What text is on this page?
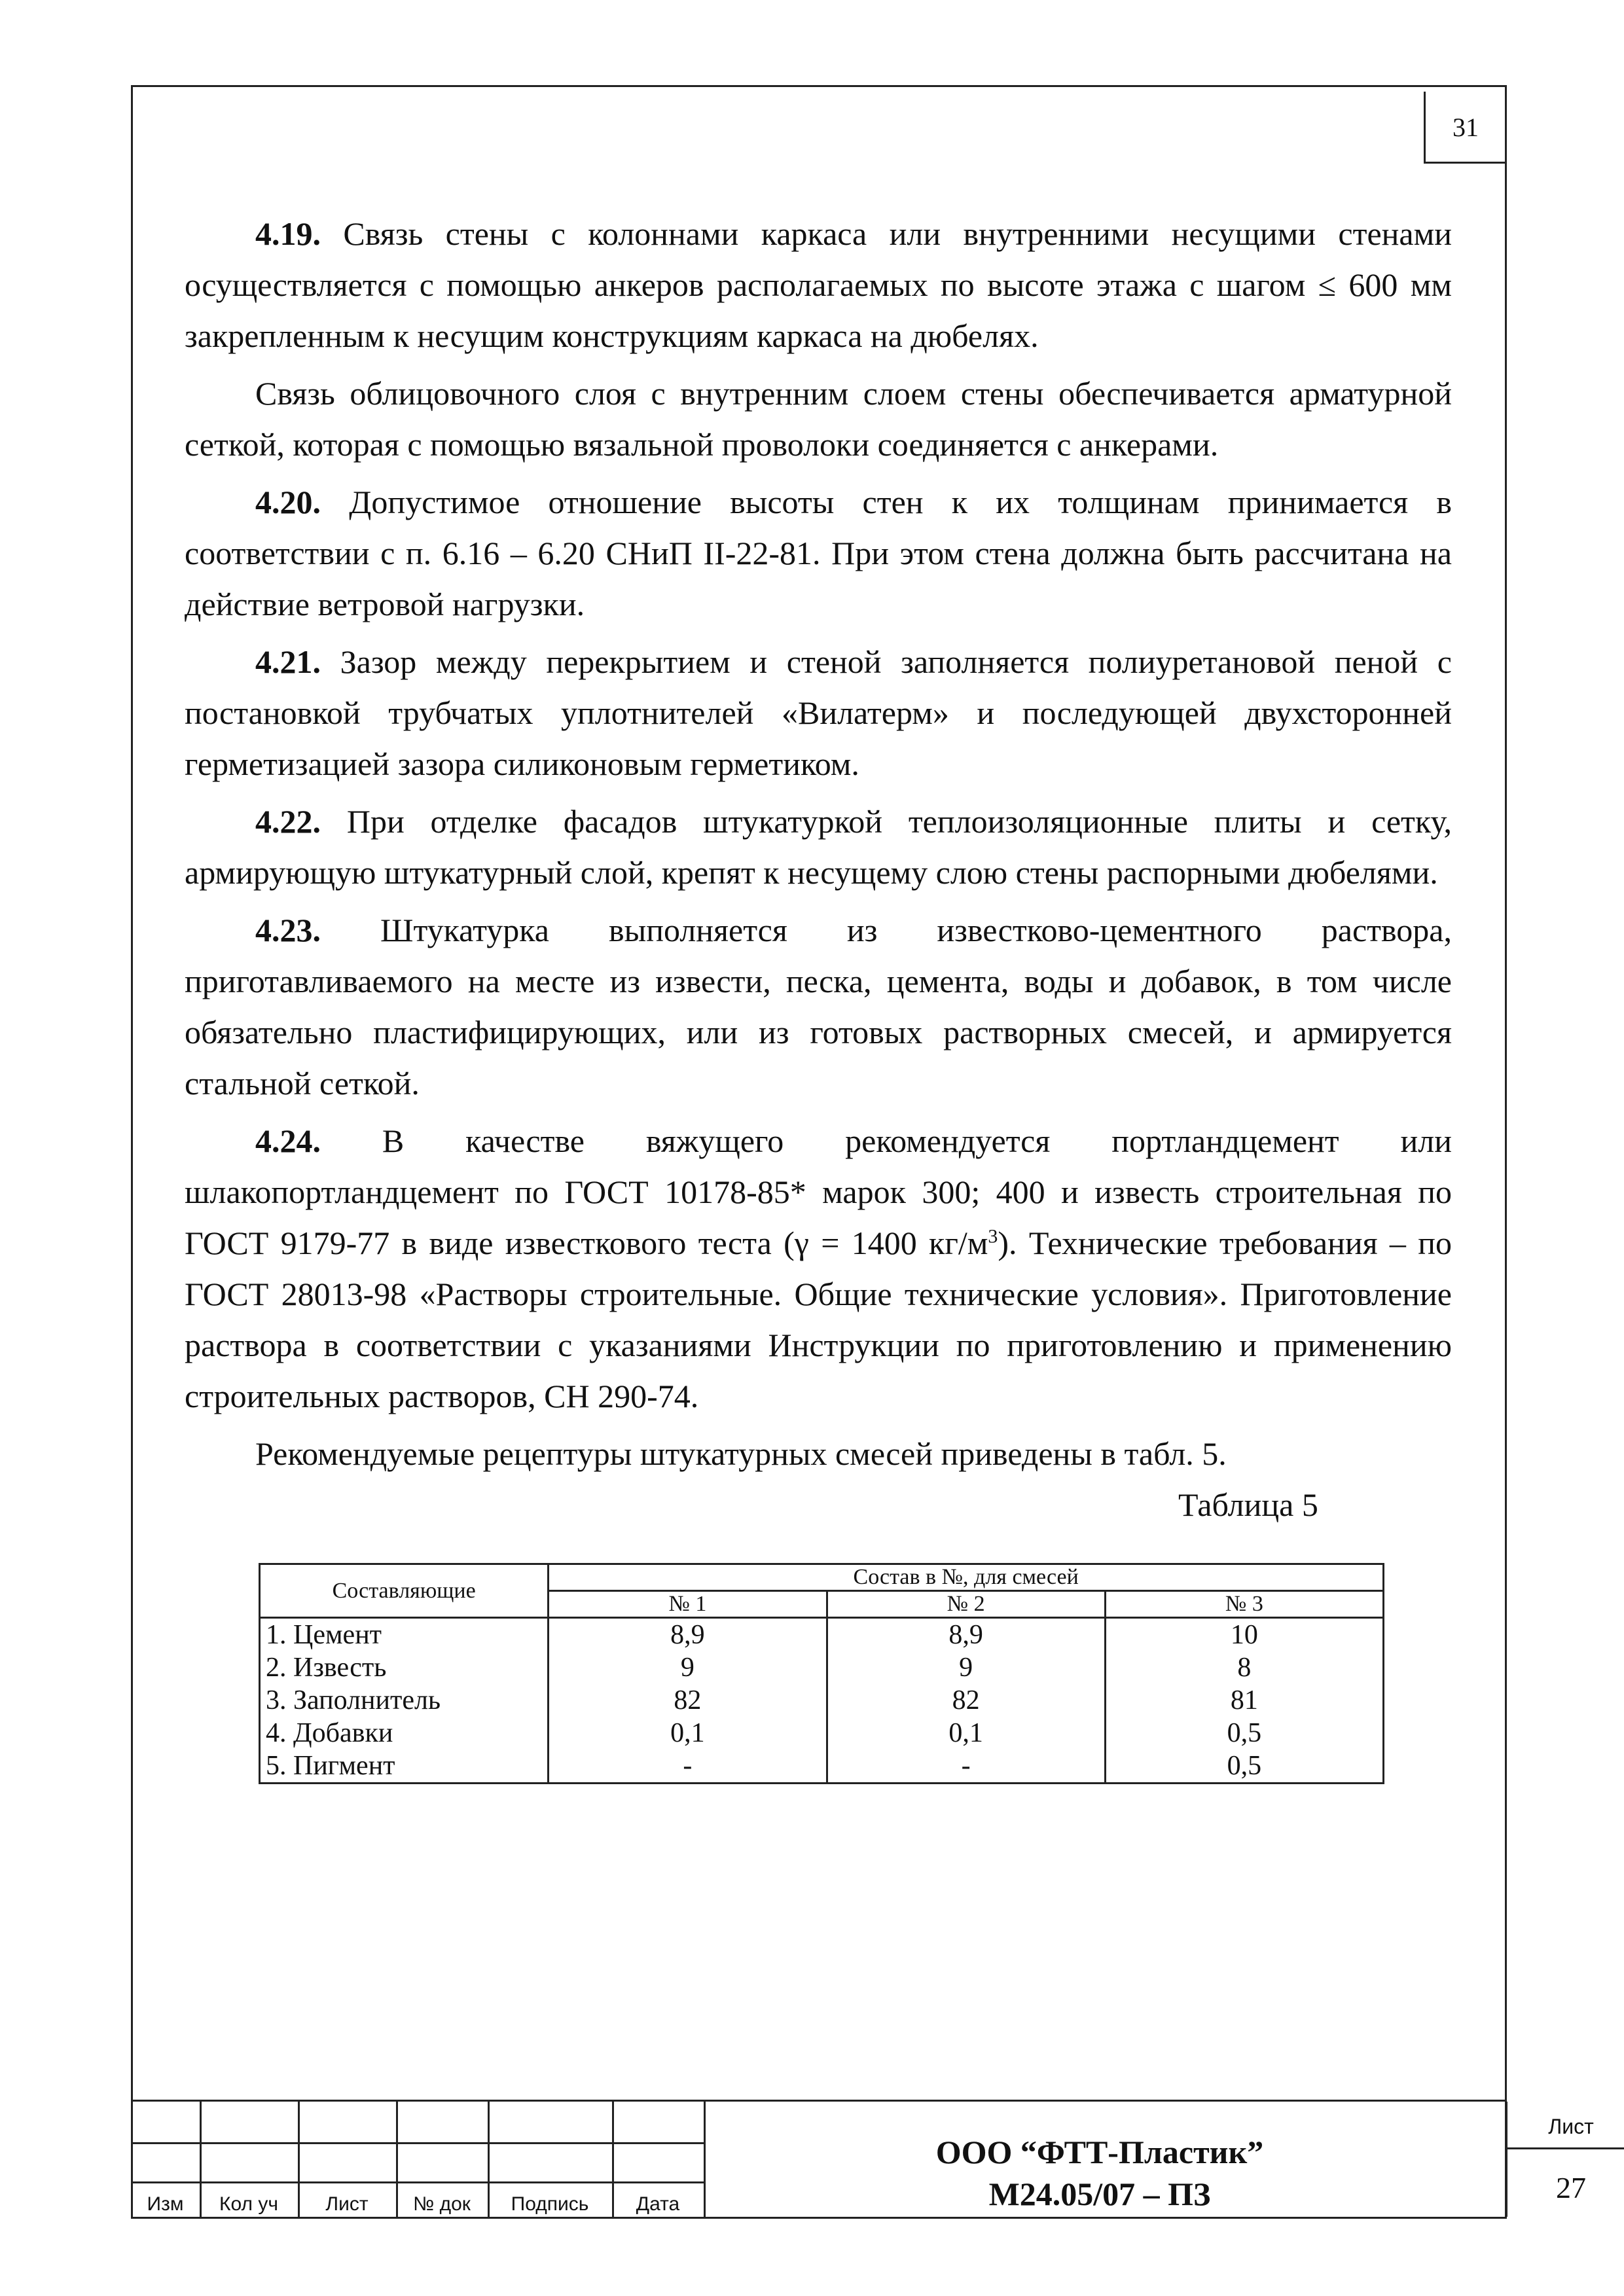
31

4.19. Связь стены с колоннами каркаса или внутренними несущими стенами осуществляется с помощью анкеров располагаемых по высоте этажа с шагом ≤ 600 мм закрепленным к несущим конструкциям каркаса на дюбелях.

Связь облицовочного слоя с внутренним слоем стены обеспечивается арматурной сеткой, которая с помощью вязальной проволоки соединяется с анкерами.

4.20. Допустимое отношение высоты стен к их толщинам принимается в соответствии с п. 6.16 – 6.20 СНиП II-22-81. При этом стена должна быть рассчитана на действие ветровой нагрузки.

4.21. Зазор между перекрытием и стеной заполняется полиуретановой пеной с постановкой трубчатых уплотнителей «Вилатерм» и последующей двухсторонней герметизацией зазора силиконовым герметиком.

4.22. При отделке фасадов штукатуркой теплоизоляционные плиты и сетку, армирующую штукатурный слой, крепят к несущему слою стены распорными дюбелями.

4.23. Штукатурка выполняется из известково-цементного раствора, приготавливаемого на месте из извести, песка, цемента, воды и добавок, в том числе обязательно пластифицирующих, или из готовых растворных смесей, и армируется стальной сеткой.

4.24. В качестве вяжущего рекомендуется портландцемент или шлакопортландцемент по ГОСТ 10178-85* марок 300; 400 и известь строительная по ГОСТ 9179-77 в виде известкового теста (γ = 1400 $кг/м^3$). Технические требования – по ГОСТ 28013-98 «Растворы строительные. Общие технические условия». Приготовление раствора в соответствии с указаниями Инструкции по приготовлению и применению строительных растворов, СН 290-74.

Рекомендуемые рецептуры штукатурных смесей приведены в табл. 5.

Таблица 5
Составляющие	Состав в №, для смесей		
	№ 1	№ 2	№ 3
1. Цемент	8,9	8,9	10
2. Известь	9	9	8
3. Заполнитель	82	82	81
4. Добавки	0,1	0,1	0,5
5. Пигмент	-	-	0,5
Изм	Кол уч	Лист	№ док	Подпись	Дата
ООО “ФТТ-Пластик”
М24.05/07 – ПЗ
Лист
27
